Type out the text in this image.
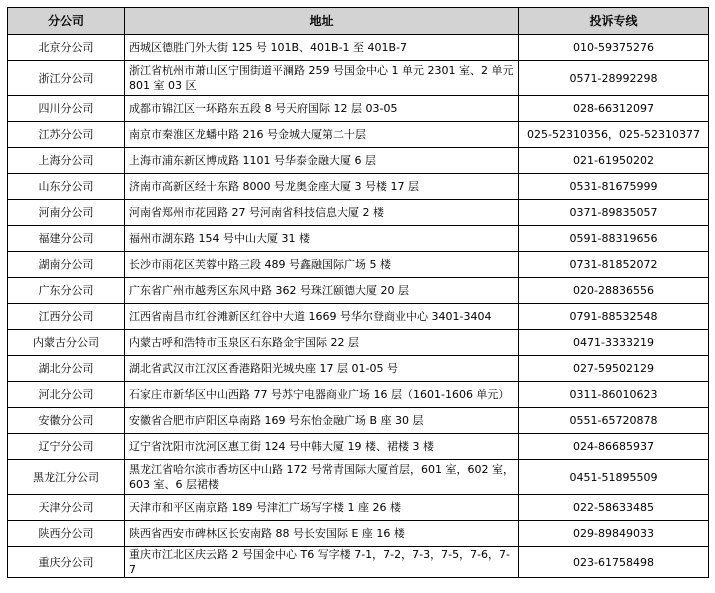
分公司	地址	投诉专线
北京分公司	西城区德胜门外大街 125 号 101B、401B-1 至 401B-7	010-59375276
浙江分公司	浙江省杭州市萧山区宁围街道平澜路 259 号国金中心 1 单元 2301 室、2 单元 801 室 03 区	0571-28992298
四川分公司	成都市锦江区一环路东五段 8 号天府国际 12 层 03-05	028-66312097
江苏分公司	南京市秦淮区龙蟠中路 216 号金城大厦第二十层	025-52310356，025-52310377
上海分公司	上海市浦东新区博成路 1101 号华泰金融大厦 6 层	021-61950202
山东分公司	济南市高新区经十东路 8000 号龙奥金座大厦 3 号楼 17 层	0531-81675999
河南分公司	河南省郑州市花园路 27 号河南省科技信息大厦 2 楼	0371-89835057
福建分公司	福州市湖东路 154 号中山大厦 31 楼	0591-88319656
湖南分公司	长沙市雨花区芙蓉中路三段 489 号鑫融国际广场 5 楼	0731-81852072
广东分公司	广东省广州市越秀区东风中路 362 号珠江颐德大厦 20 层	020-28836556
江西分公司	江西省南昌市红谷滩新区红谷中大道 1669 号华尔登商业中心 3401-3404	0791-88532548
内蒙古分公司	内蒙古呼和浩特市玉泉区石东路金宇国际 22 层	0471-3333219
湖北分公司	湖北省武汉市江汉区香港路阳光城央座 17 层 01-05 号	027-59502129
河北分公司	石家庄市新华区中山西路 77 号苏宁电器商业广场 16 层（1601-1606 单元）	0311-86010623
安徽分公司	安徽省合肥市庐阳区阜南路 169 号东怡金融广场 B 座 30 层	0551-65720878
辽宁分公司	辽宁省沈阳市沈河区惠工街 124 号中韩大厦 19 楼、裙楼 3 楼	024-86685937
黑龙江分公司	黑龙江省哈尔滨市香坊区中山路 172 号常青国际大厦首层，601 室，602 室，603 室、6 层裙楼	0451-51895509
天津分公司	天津市和平区南京路 189 号津汇广场写字楼 1 座 26 楼	022-58633485
陕西分公司	陕西省西安市碑林区长安南路 88 号长安国际 E 座 16 楼	029-89849033
重庆分公司	重庆市江北区庆云路 2 号国金中心 T6 写字楼 7-1，7-2，7-3，7-5，7-6，7-7	023-61758498
